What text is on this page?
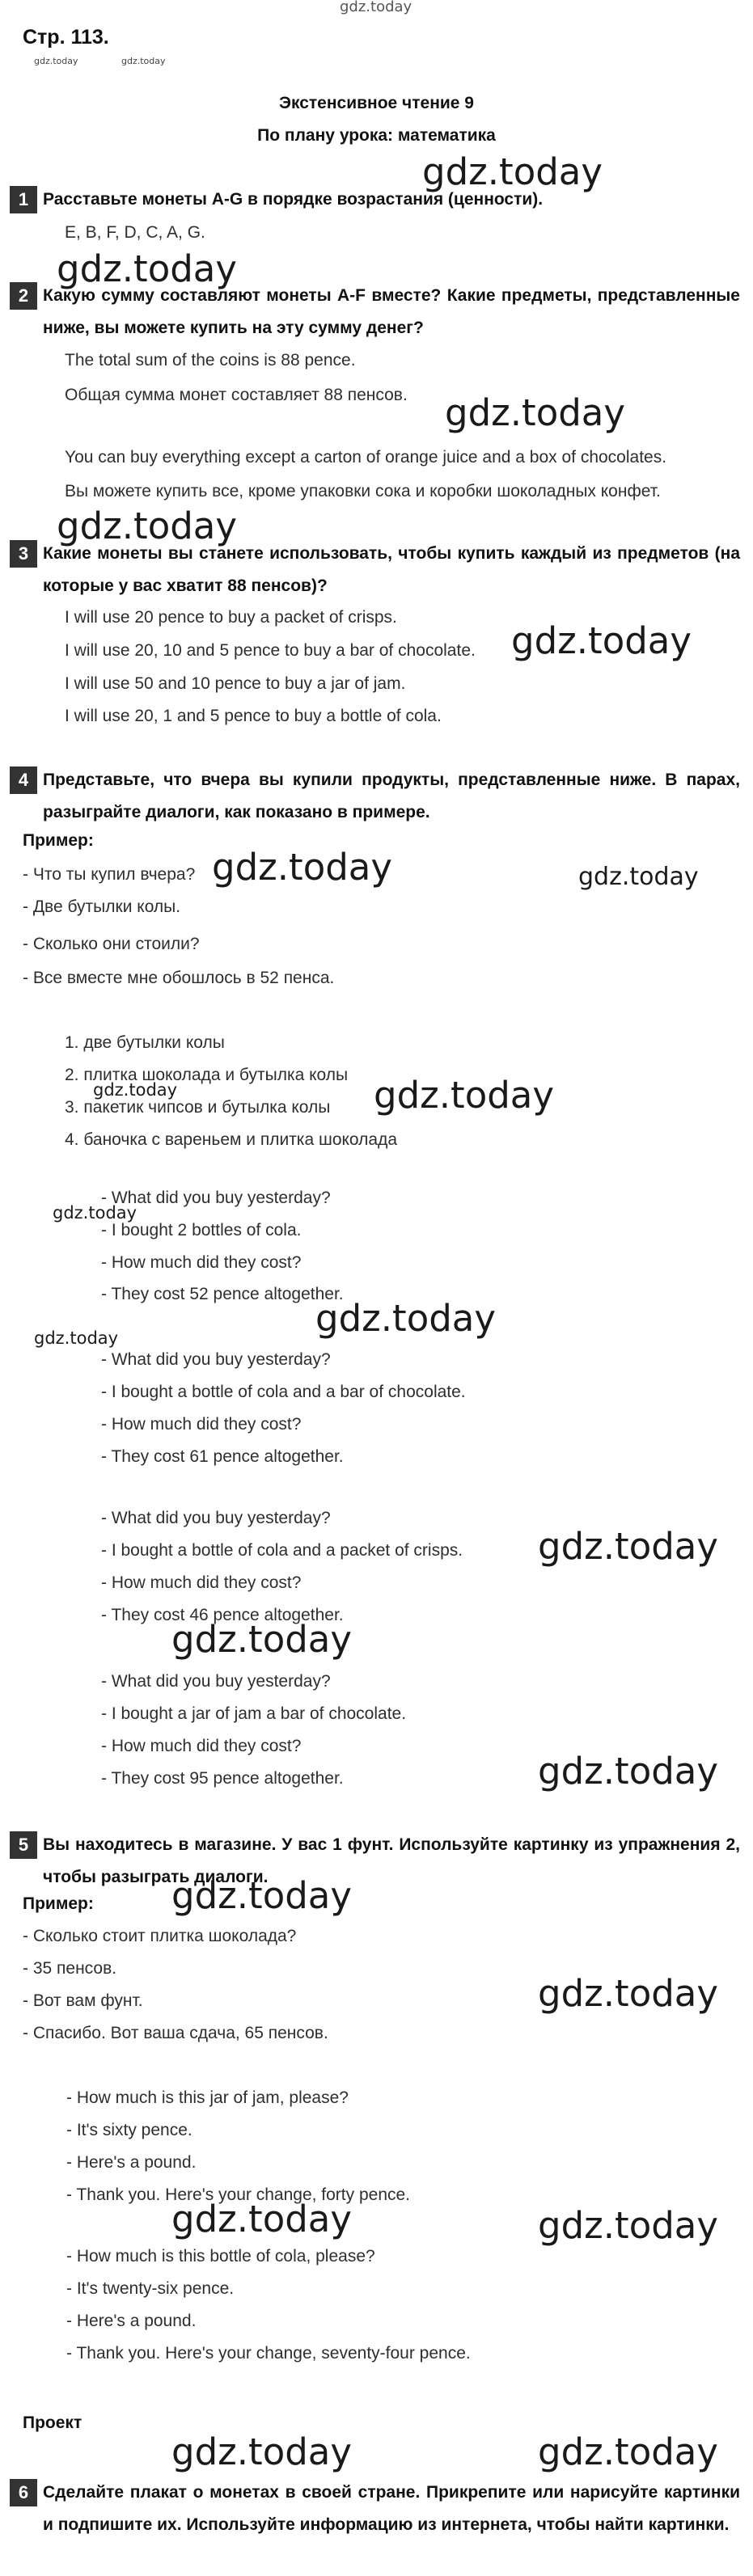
gdz.today
Стр. 113.
gdz.today	gdz.today
Экстенсивное чтение 9
По плану урока: математика
gdz.today
1 Расставьте монеты A-G в порядке возрастания (ценности).
E, B, F, D, C, A, G.
gdz.today
2 Какую сумму составляют монеты A-F вместе? Какие предметы, представленные ниже, вы можете купить на эту сумму денег?
The total sum of the coins is 88 pence.
Общая сумма монет составляет 88 пенсов. gdz.today
You can buy everything except a carton of orange juice and a box of chocolates.
Вы можете купить все, кроме упаковки сока и коробки шоколадных конфет.
gdz.today
3 Какие монеты вы станете использовать, чтобы купить каждый из предметов (на которые у вас хватит 88 пенсов)?
I will use 20 pence to buy a packet of crisps.
I will use 20, 10 and 5 pence to buy a bar of chocolate. gdz.today
I will use 50 and 10 pence to buy a jar of jam.
I will use 20, 1 and 5 pence to buy a bottle of cola.
4 Представьте, что вчера вы купили продукты, представленные ниже. В парах, разыграйте диалоги, как показано в примере.
Пример:
- Что ты купил вчера? gdz.today	gdz.today
- Две бутылки колы.
- Сколько они стоили?
- Все вместе мне обошлось в 52 пенса.
1. две бутылки колы
2. плитка шоколада и бутылка колы
gdz.today
3. пакетик чипсов и бутылка колы gdz.today
4. баночка с вареньем и плитка шоколада
- What did you buy yesterday?
gdz.today
- I bought 2 bottles of cola.
- How much did they cost?
- They cost 52 pence altogether.
gdz.today
gdz.today
- What did you buy yesterday?
- I bought a bottle of cola and a bar of chocolate.
- How much did they cost?
- They cost 61 pence altogether.
- What did you buy yesterday?
- I bought a bottle of cola and a packet of crisps. gdz.today
- How much did they cost?
- They cost 46 pence altogether.
gdz.today
- What did you buy yesterday?
- I bought a jar of jam a bar of chocolate.
- How much did they cost?
gdz.today
- They cost 95 pence altogether.
5 Вы находитесь в магазине. У вас 1 фунт. Используйте картинку из упражнения 2, чтобы разыграть диалоги.
Пример: gdz.today
- Сколько стоит плитка шоколада?
- 35 пенсов.
- Вот вам фунт.	gdz.today
- Спасибо. Вот ваша сдача, 65 пенсов.
- How much is this jar of jam, please?
- It's sixty pence.
- Here's a pound.
- Thank you. Here's your change, forty pence.
gdz.today	gdz.today
- How much is this bottle of cola, please?
- It's twenty-six pence.
- Here's a pound.
- Thank you. Here's your change, seventy-four pence.
Проект
gdz.today	gdz.today
6 Сделайте плакат о монетах в своей стране. Прикрепите или нарисуйте картинки и подпишите их. Используйте информацию из интернета, чтобы найти картинки.
